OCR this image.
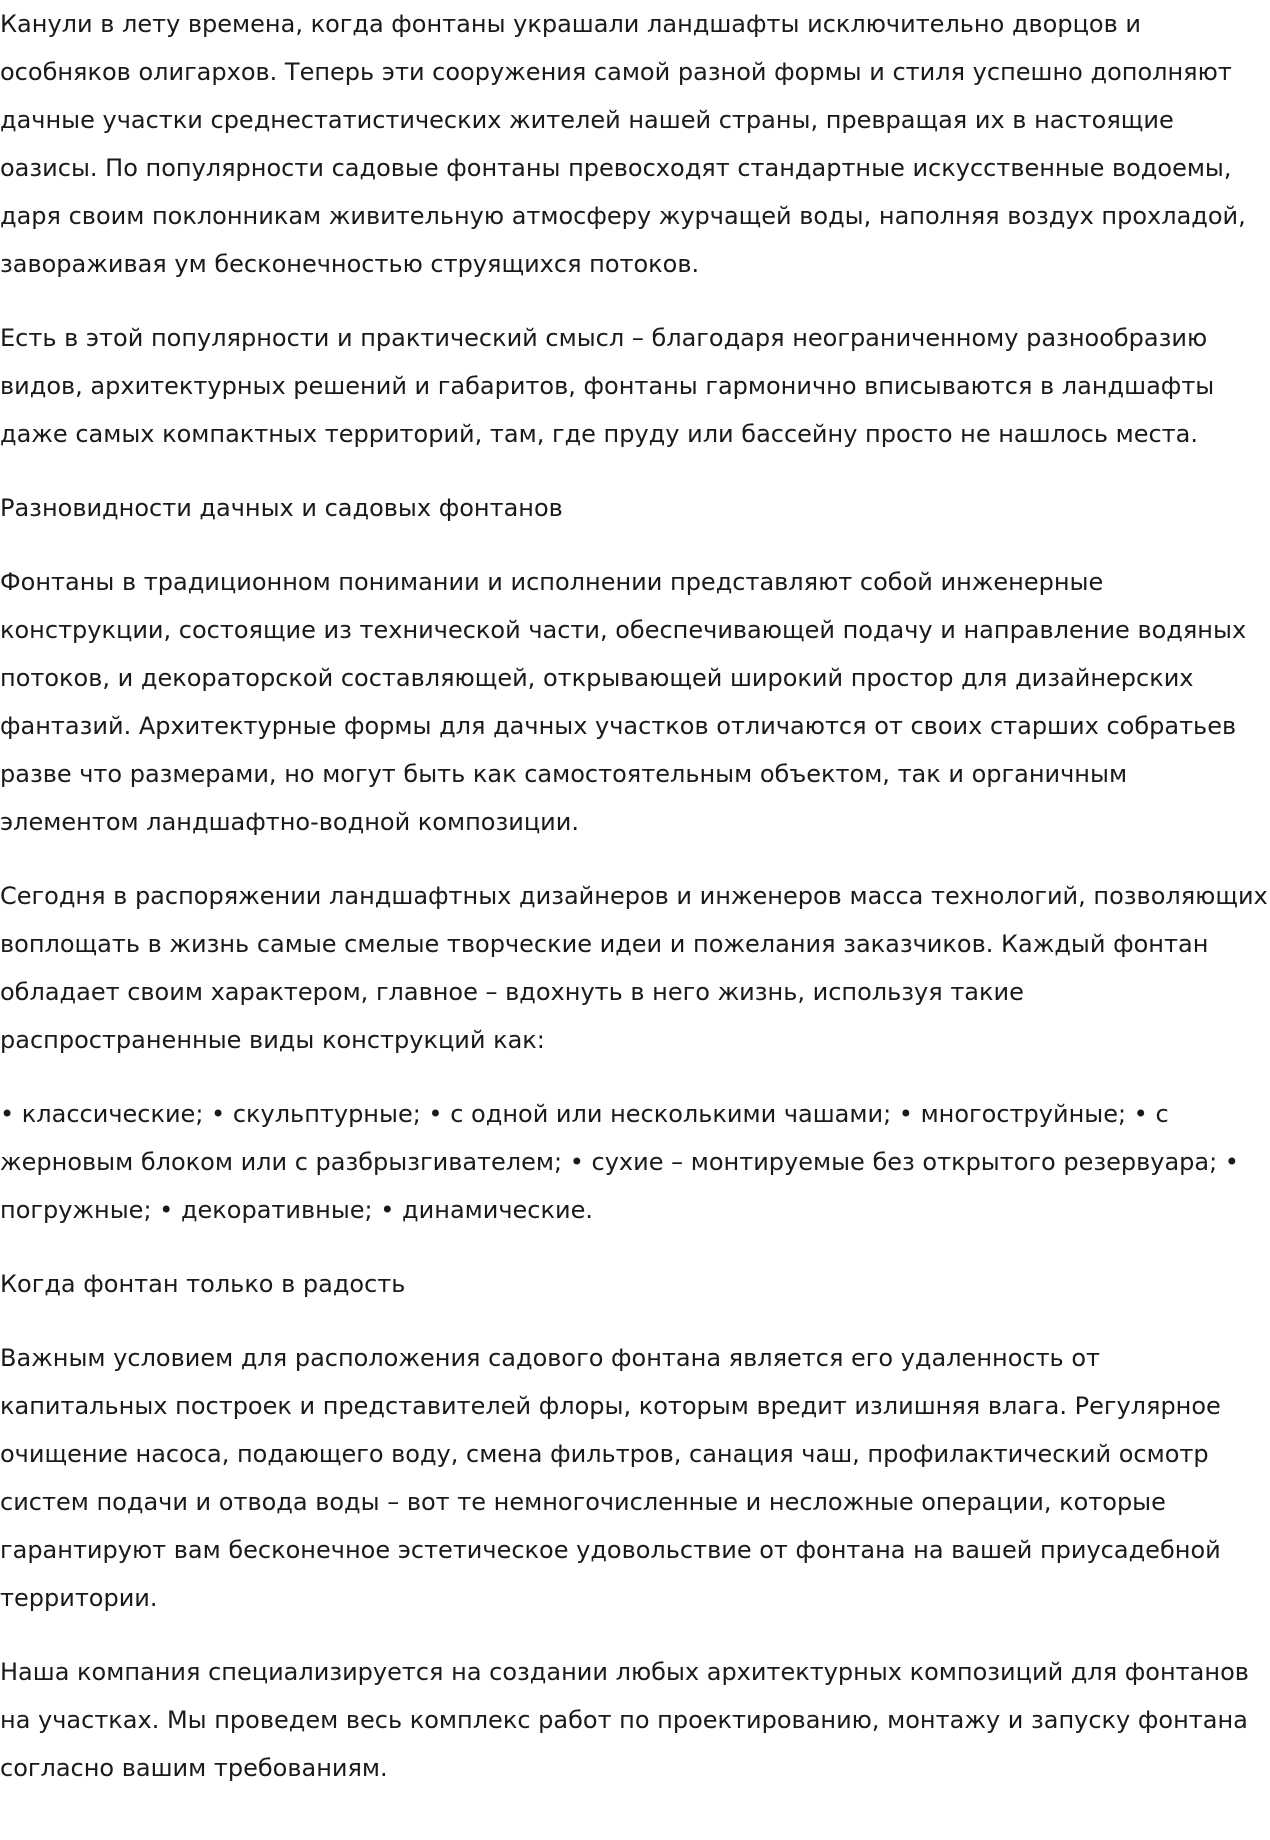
Канули в лету времена, когда фонтаны украшали ландшафты исключительно дворцов и особняков олигархов. Теперь эти сооружения самой разной формы и стиля успешно дополняют дачные участки среднестатистических жителей нашей страны, превращая их в настоящие оазисы. По популярности садовые фонтаны превосходят стандартные искусственные водоемы, даря своим поклонникам живительную атмосферу журчащей воды, наполняя воздух прохладой, завораживая ум бесконечностью струящихся потоков.

Есть в этой популярности и практический смысл – благодаря неограниченному разнообразию видов, архитектурных решений и габаритов, фонтаны гармонично вписываются в ландшафты даже самых компактных территорий, там, где пруду или бассейну просто не нашлось места.

Разновидности дачных и садовых фонтанов

Фонтаны в традиционном понимании и исполнении представляют собой инженерные конструкции, состоящие из технической части, обеспечивающей подачу и направление водяных потоков, и декораторской составляющей, открывающей широкий простор для дизайнерских фантазий. Архитектурные формы для дачных участков отличаются от своих старших собратьев разве что размерами, но могут быть как самостоятельным объектом, так и органичным элементом ландшафтно-водной композиции.

Сегодня в распоряжении ландшафтных дизайнеров и инженеров масса технологий, позволяющих воплощать в жизнь самые смелые творческие идеи и пожелания заказчиков. Каждый фонтан обладает своим характером, главное – вдохнуть в него жизнь, используя такие распространенные виды конструкций как:

• классические; • скульптурные; • с одной или несколькими чашами; • многоструйные; • с жерновым блоком или с разбрызгивателем; • сухие – монтируемые без открытого резервуара; • погружные; • декоративные; • динамические.

Когда фонтан только в радость

Важным условием для расположения садового фонтана является его удаленность от капитальных построек и представителей флоры, которым вредит излишняя влага. Регулярное очищение насоса, подающего воду, смена фильтров, санация чаш, профилактический осмотр систем подачи и отвода воды – вот те немногочисленные и несложные операции, которые гарантируют вам бесконечное эстетическое удовольствие от фонтана на вашей приусадебной территории.

Наша компания специализируется на создании любых архитектурных композиций для фонтанов на участках. Мы проведем весь комплекс работ по проектированию, монтажу и запуску фонтана согласно вашим требованиям.
